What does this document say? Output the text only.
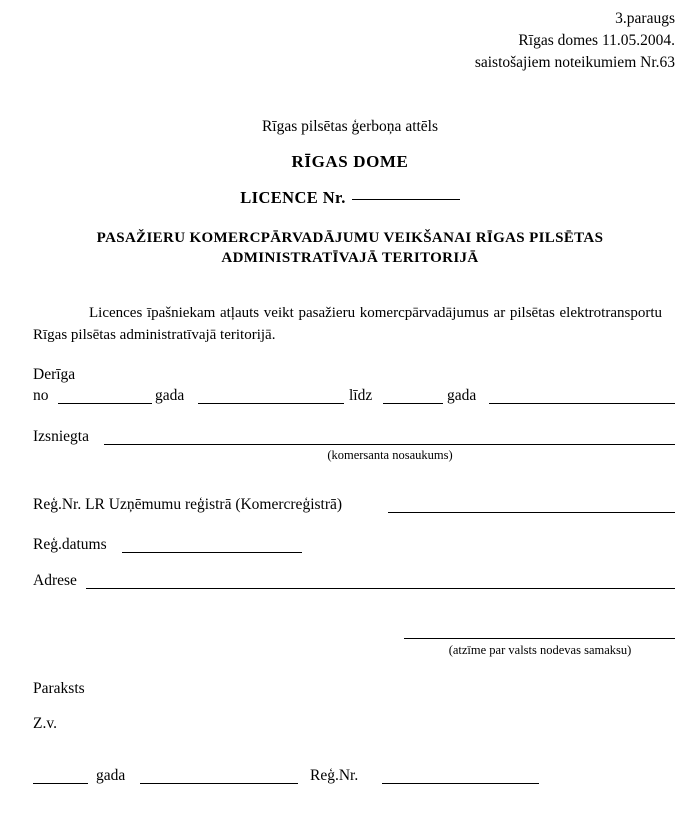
3.paraugs
Rīgas domes 11.05.2004.
saistošajiem noteikumiem Nr.63
Rīgas pilsētas ģerboņa attēls
RĪGAS DOME
LICENCE Nr.
PASAŽIERU KOMERCPĀRVADĀJUMU VEIKŠANAI RĪGAS PILSĒTAS ADMINISTRATĪVAJĀ TERITORIJĀ
Licences īpašniekam atļauts veikt pasažieru komercpārvadājumus ar pilsētas elektrotransportu Rīgas pilsētas administratīvajā teritorijā.
Derīga
no	gada	līdz	gada
Izsniegta
(komersanta nosaukums)
Reģ.Nr. LR Uzņēmumu reģistrā (Komercreģistrā)
Reģ.datums
Adrese
(atzīme par valsts nodevas samaksu)
Paraksts
Z.v.
gada	Reģ.Nr.
